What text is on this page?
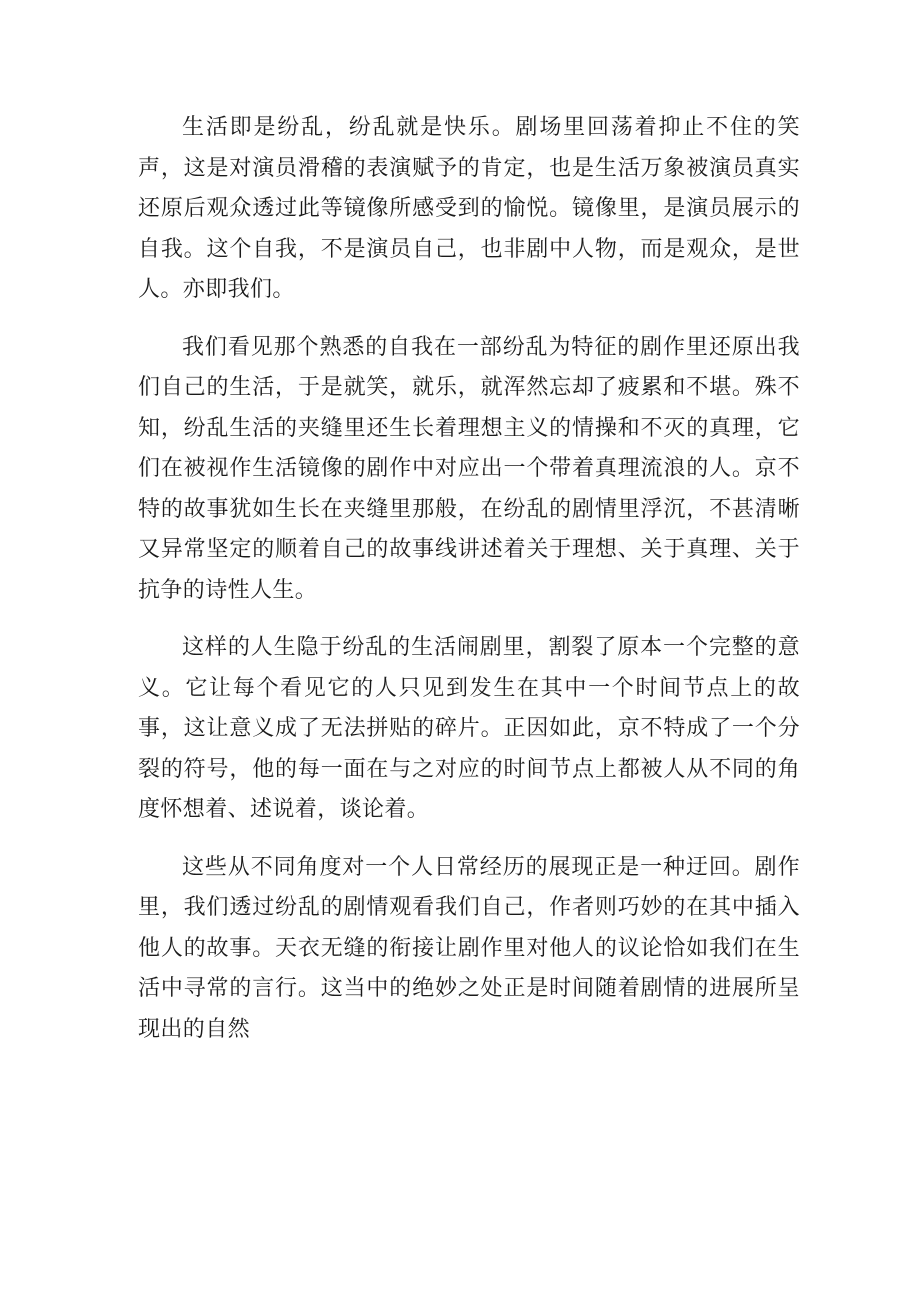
生活即是纷乱，纷乱就是快乐。剧场里回荡着抑止不住的笑声，这是对演员滑稽的表演赋予的肯定，也是生活万象被演员真实还原后观众透过此等镜像所感受到的愉悦。镜像里，是演员展示的自我。这个自我，不是演员自己，也非剧中人物，而是观众，是世人。亦即我们。

我们看见那个熟悉的自我在一部纷乱为特征的剧作里还原出我们自己的生活，于是就笑，就乐，就浑然忘却了疲累和不堪。殊不知，纷乱生活的夹缝里还生长着理想主义的情操和不灭的真理，它们在被视作生活镜像的剧作中对应出一个带着真理流浪的人。京不特的故事犹如生长在夹缝里那般，在纷乱的剧情里浮沉，不甚清晰又异常坚定的顺着自己的故事线讲述着关于理想、关于真理、关于抗争的诗性人生。

这样的人生隐于纷乱的生活闹剧里，割裂了原本一个完整的意义。它让每个看见它的人只见到发生在其中一个时间节点上的故事，这让意义成了无法拼贴的碎片。正因如此，京不特成了一个分裂的符号，他的每一面在与之对应的时间节点上都被人从不同的角度怀想着、述说着，谈论着。

这些从不同角度对一个人日常经历的展现正是一种迂回。剧作里，我们透过纷乱的剧情观看我们自己，作者则巧妙的在其中插入他人的故事。天衣无缝的衔接让剧作里对他人的议论恰如我们在生活中寻常的言行。这当中的绝妙之处正是时间随着剧情的进展所呈现出的自然
